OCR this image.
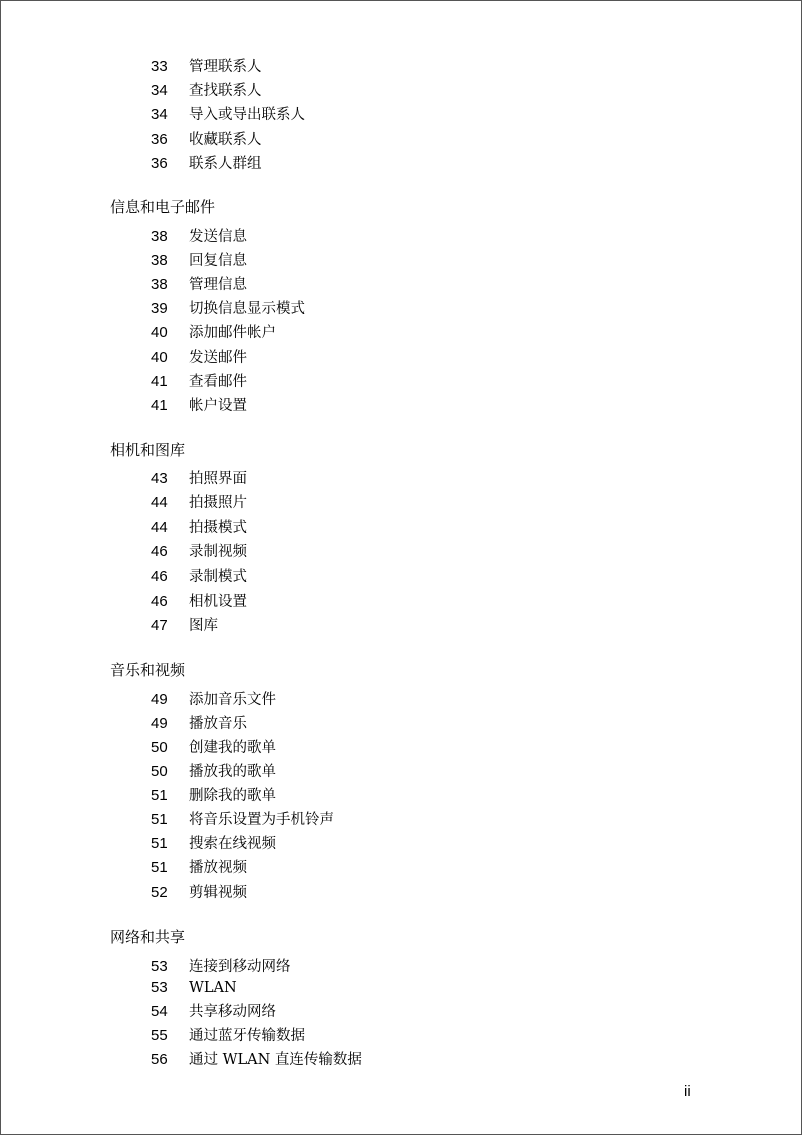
33 管理联系人
34 查找联系人
34 导入或导出联系人
36 收藏联系人
36 联系人群组
信息和电子邮件
38 发送信息
38 回复信息
38 管理信息
39 切换信息显示模式
40 添加邮件帐户
40 发送邮件
41 查看邮件
41 帐户设置
相机和图库
43 拍照界面
44 拍摄照片
44 拍摄模式
46 录制视频
46 录制模式
46 相机设置
47 图库
音乐和视频
49 添加音乐文件
49 播放音乐
50 创建我的歌单
50 播放我的歌单
51 删除我的歌单
51 将音乐设置为手机铃声
51 搜索在线视频
51 播放视频
52 剪辑视频
网络和共享
53 连接到移动网络
53 WLAN
54 共享移动网络
55 通过蓝牙传输数据
56 通过 WLAN 直连传输数据
ii
